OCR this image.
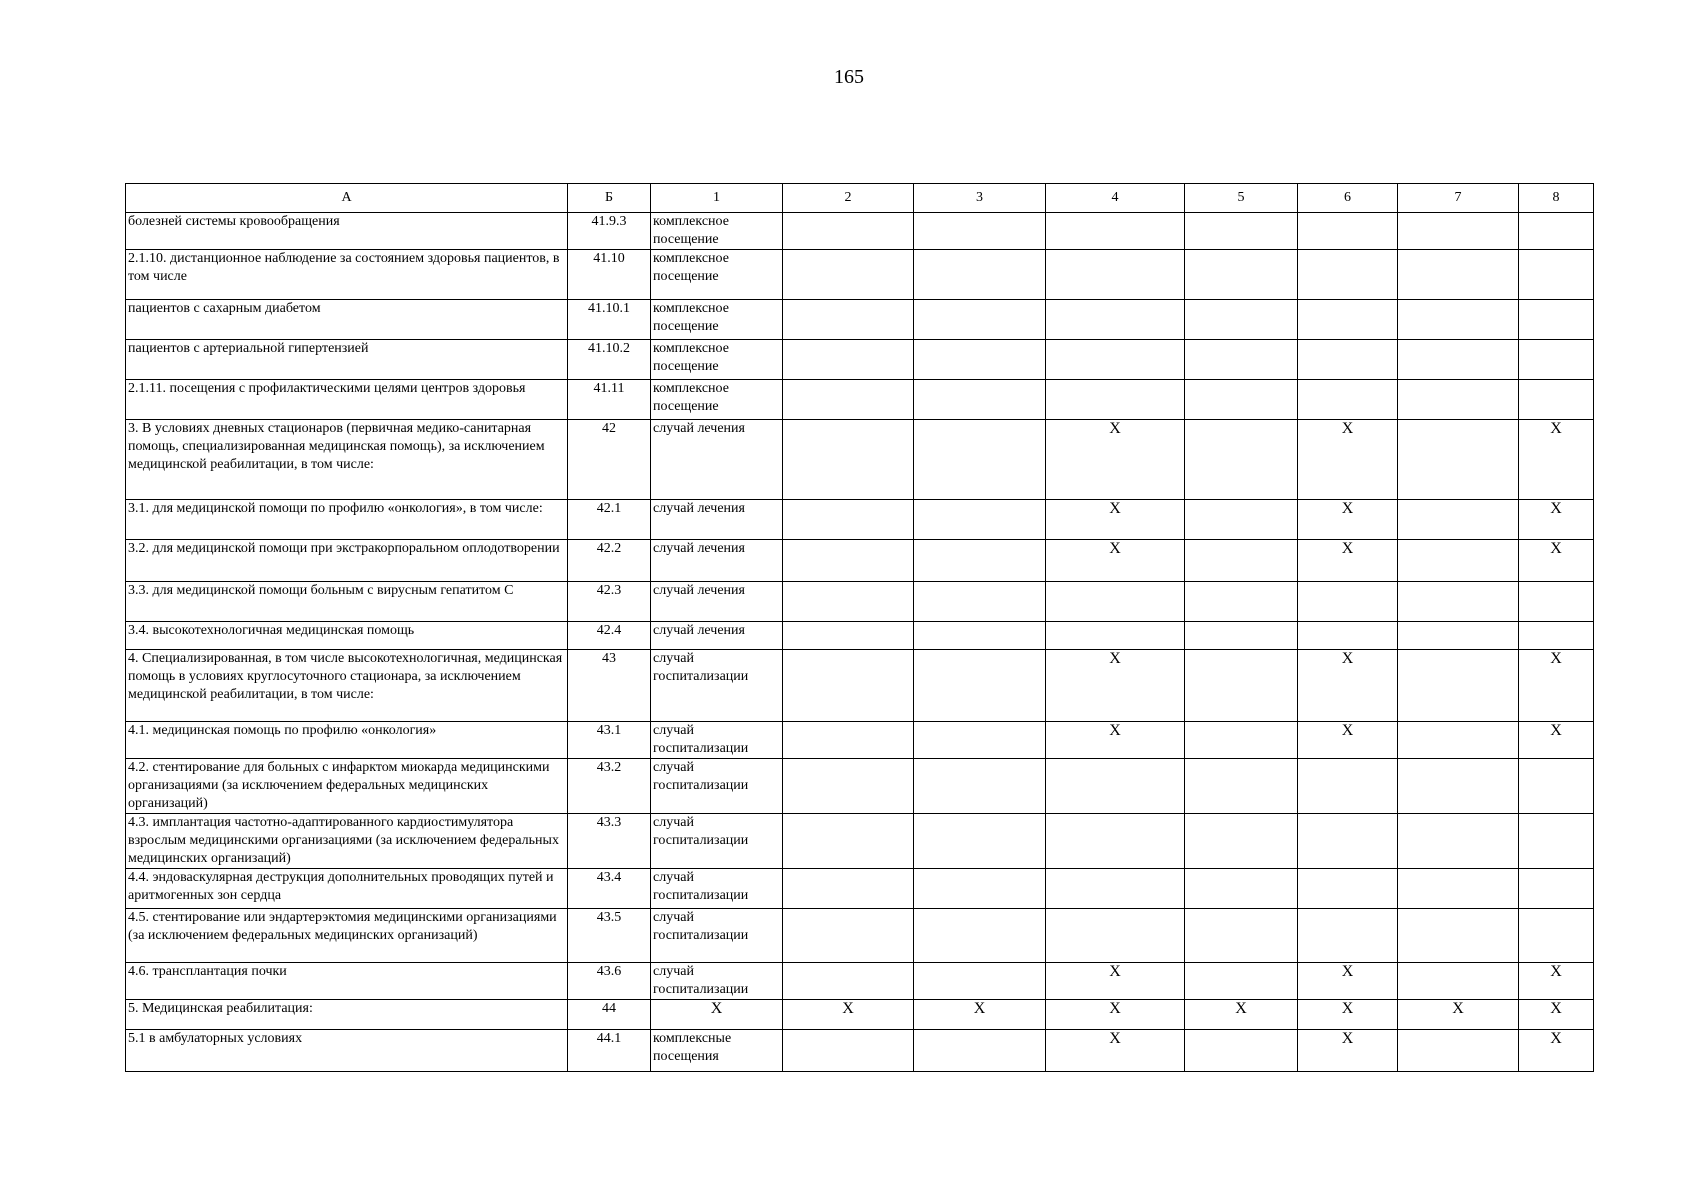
165
А	Б	1	2	3	4	5	6	7	8	
болезней системы кровообращения	41.9.3	комплексное посещение								
2.1.10. дистанционное наблюдение за состоянием здоровья пациентов, в том числе	41.10	комплексное посещение								
пациентов с сахарным диабетом	41.10.1	комплексное посещение								
пациентов с артериальной гипертензией	41.10.2	комплексное посещение								
2.1.11. посещения с профилактическими целями центров здоровья	41.11	комплексное посещение								
3. В условиях дневных стационаров (первичная медико-санитарная помощь, специализированная медицинская помощь), за исключением медицинской реабилитации, в том числе:	42	случай лечения			X		X		X	
3.1. для медицинской помощи по профилю «онкология», в том числе:	42.1	случай лечения			X		X		X	
3.2. для медицинской помощи при экстракорпоральном оплодотворении	42.2	случай лечения			X		X		X	
3.3. для медицинской помощи больным с вирусным гепатитом С	42.3	случай лечения								
3.4. высокотехнологичная медицинская помощь	42.4	случай лечения								
4. Специализированная, в том числе высокотехнологичная, медицинская помощь в условиях круглосуточного стационара, за исключением медицинской реабилитации, в том числе:	43	случай госпитализации			X		X		X	
4.1. медицинская помощь по профилю «онкология»	43.1	случай госпитализации			X		X		X	
4.2. стентирование для больных с инфарктом миокарда медицинскими организациями (за исключением федеральных медицинских организаций)	43.2	случай госпитализации								
4.3. имплантация частотно-адаптированного кардиостимулятора взрослым медицинскими организациями (за исключением федеральных медицинских организаций)	43.3	случай госпитализации								
4.4. эндоваскулярная деструкция дополнительных проводящих путей и аритмогенных зон сердца	43.4	случай госпитализации								
4.5. стентирование или эндартерэктомия медицинскими организациями (за исключением федеральных медицинских организаций)	43.5	случай госпитализации								
4.6. трансплантация почки	43.6	случай госпитализации			X		X		X	
5. Медицинская реабилитация:	44	X	X	X	X	X	X	X	X	
5.1 в амбулаторных условиях	44.1	комплексные посещения			X		X		X	
